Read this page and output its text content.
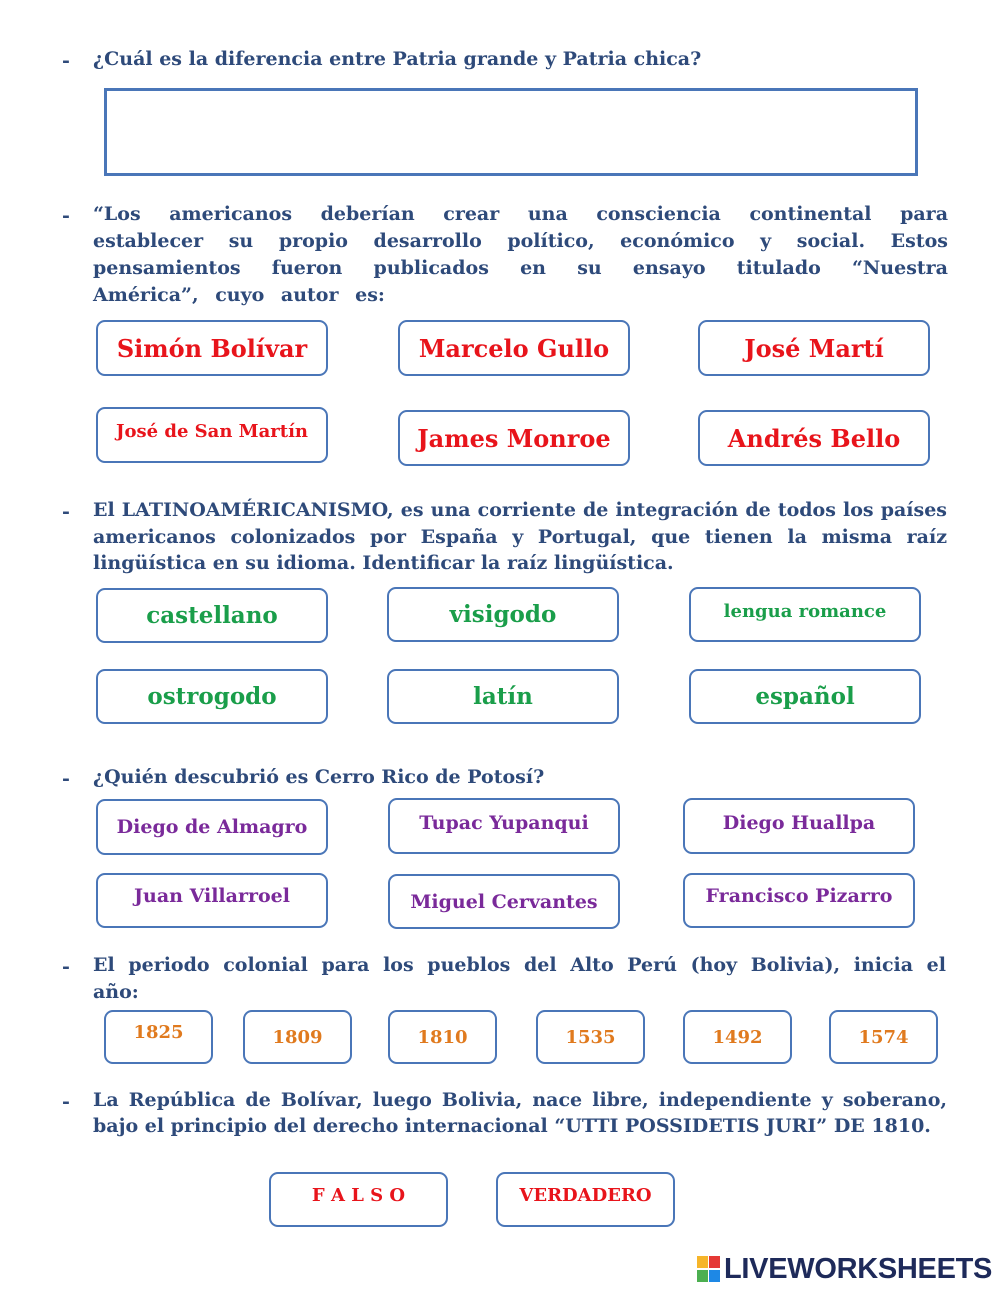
- ¿Cuál es la diferencia entre Patria grande y Patria chica?
- “Los americanos deberían crear una consciencia continental para establecer su propio desarrollo político, económico y social. Estos pensamientos fueron publicados en su ensayo titulado “Nuestra América”, cuyo autor es:
Simón Bolívar	Marcelo Gullo	José Martí
José de San Martín	James Monroe	Andrés Bello
- El LATINOAMÉRICANISMO, es una corriente de integración de todos los países americanos colonizados por España y Portugal, que tienen la misma raíz lingüística en su idioma. Identificar la raíz lingüística.
castellano	visigodo	lengua romance
ostrogodo	latín	español
- ¿Quién descubrió es Cerro Rico de Potosí?
Diego de Almagro	Tupac Yupanqui	Diego Huallpa
Juan Villarroel	Miguel Cervantes	Francisco Pizarro
- El periodo colonial para los pueblos del Alto Perú (hoy Bolivia), inicia el año:
1825	1809	1810	1535	1492	1574
- La República de Bolívar, luego Bolivia, nace libre, independiente y soberano, bajo el principio del derecho internacional “UTTI POSSIDETIS JURI” DE 1810.
F A L S O	VERDADERO
LIVEWORKSHEETS
